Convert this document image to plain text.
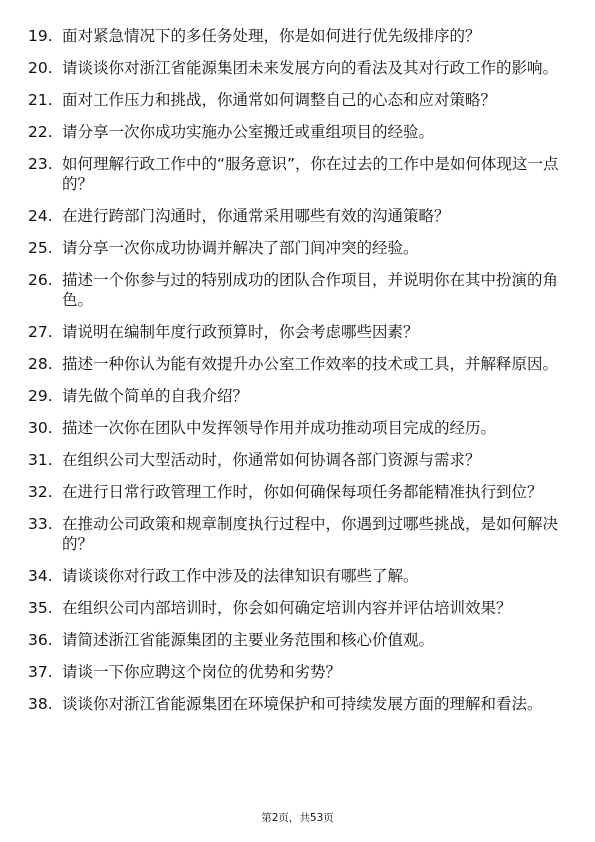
19. 面对紧急情况下的多任务处理，你是如何进行优先级排序的？
20. 请谈谈你对浙江省能源集团未来发展方向的看法及其对行政工作的影响。
21. 面对工作压力和挑战，你通常如何调整自己的心态和应对策略？
22. 请分享一次你成功实施办公室搬迁或重组项目的经验。
23. 如何理解行政工作中的“服务意识”，你在过去的工作中是如何体现这一点的？
24. 在进行跨部门沟通时，你通常采用哪些有效的沟通策略？
25. 请分享一次你成功协调并解决了部门间冲突的经验。
26. 描述一个你参与过的特别成功的团队合作项目，并说明你在其中扮演的角色。
27. 请说明在编制年度行政预算时，你会考虑哪些因素？
28. 描述一种你认为能有效提升办公室工作效率的技术或工具，并解释原因。
29. 请先做个简单的自我介绍？
30. 描述一次你在团队中发挥领导作用并成功推动项目完成的经历。
31. 在组织公司大型活动时，你通常如何协调各部门资源与需求？
32. 在进行日常行政管理工作时，你如何确保每项任务都能精准执行到位？
33. 在推动公司政策和规章制度执行过程中，你遇到过哪些挑战，是如何解决的？
34. 请谈谈你对行政工作中涉及的法律知识有哪些了解。
35. 在组织公司内部培训时，你会如何确定培训内容并评估培训效果？
36. 请简述浙江省能源集团的主要业务范围和核心价值观。
37. 请谈一下你应聘这个岗位的优势和劣势？
38. 谈谈你对浙江省能源集团在环境保护和可持续发展方面的理解和看法。
第2页，共53页
